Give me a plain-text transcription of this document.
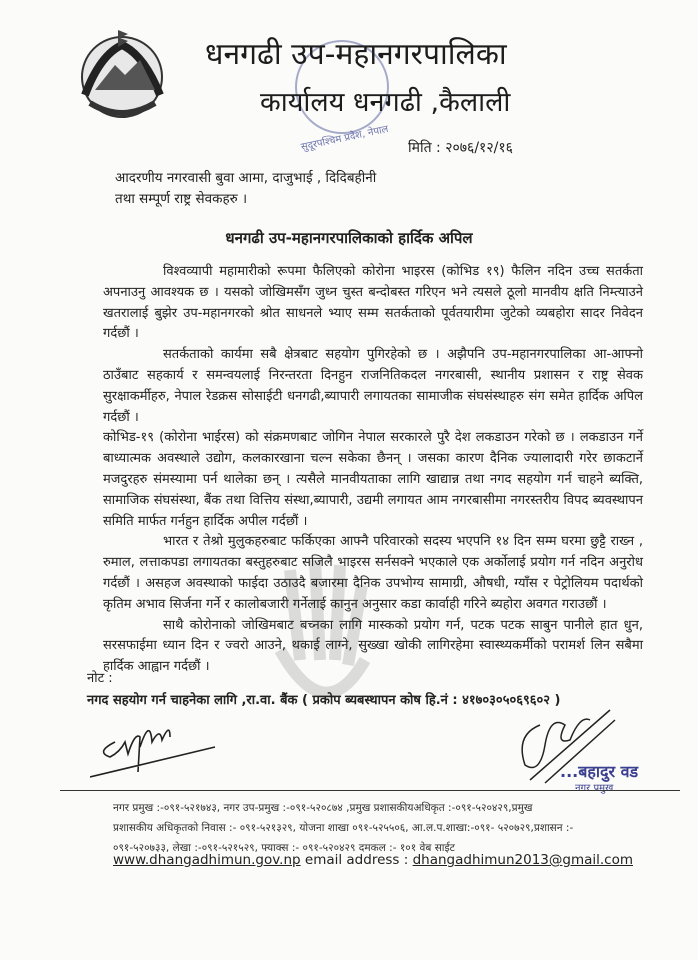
धनगढी उप-महानगरपालिका
कार्यालय धनगढी ,कैलाली
सुदूरपश्चिम प्रदेश, नेपाल मिति : २०७६/१२/१६
आदरणीय नगरवासी बुवा आमा, दाजुभाई , दिदिबहीनी
तथा सम्पूर्ण राष्ट्र सेवकहरु ।
धनगढी उप-महानगरपालिकाको हार्दिक अपिल

विश्वव्यापी महामारीको रूपमा फैलिएको कोरोना भाइरस (कोभिड १९) फैलिन नदिन उच्च सतर्कता अपनाउनु आवश्यक छ । यसको जोखिमसँग जुध्न चुस्त बन्दोबस्त गरिएन भने त्यसले ठूलो मानवीय क्षति निम्त्याउने खतरालाई बुझेर उप-महानगरको श्रोत साधनले भ्याए सम्म सतर्कताको पूर्वतयारीमा जुटेको व्यबहोरा सादर निवेदन गर्दछौं ।

सतर्कताको कार्यमा सबै क्षेत्रबाट सहयोग पुगिरहेको छ । अझैपनि उप-महानगरपालिका आ-आफ्नो ठाउँबाट सहकार्य र समन्वयलाई निरन्तरता दिनहुन राजनितिकदल नगरबासी, स्थानीय प्रशासन र राष्ट्र सेवक सुरक्षाकर्मीहरु, नेपाल रेडक्रस सोसाईटी धनगढी,ब्यापारी लगायतका सामाजीक संघसंस्थाहरु संग समेत हार्दिक अपिल गर्दछौं ।

कोभिड-१९ (कोरोना भाईरस) को संक्रमणबाट जोगिन नेपाल सरकारले पुरै देश लकडाउन गरेको छ । लकडाउन गर्ने बाध्यात्मक अवस्थाले उद्योग, कलकारखाना चल्न सकेका छैनन् । जसका कारण दैनिक ज्यालादारी गरेर छाकटार्ने मजदुरहरु संमस्यामा पर्न थालेका छन् । त्यसैले मानवीयताका लागि खाद्यान्न तथा नगद सहयोग गर्न चाहने ब्यक्ति, सामाजिक संघसंस्था, बैंक तथा वित्तिय संस्था,ब्यापारी, उद्यमी लगायत आम नगरबासीमा नगरस्तरीय विपद ब्यवस्थापन समिति मार्फत गर्नहुन हार्दिक अपील गर्दछौं ।

भारत र तेश्रो मुलुकहरुबाट फर्किएका आफ्नै परिवारको सदस्य भएपनि १४ दिन सम्म घरमा छुट्टै राख्न , रुमाल, लत्ताकपडा लगायतका बस्तुहरुबाट सजिलै भाइरस सर्नसक्ने भएकाले एक अर्कोलाई प्रयोग गर्न नदिन अनुरोध गर्दछौं । असहज अवस्थाको फाईदा उठाउदै बजारमा दैनिक उपभोग्य सामाग्री, औषधी, ग्याँस र पेट्रोलियम पदार्थको कृतिम अभाव सिर्जना गर्ने र कालोबजारी गर्नेलाई कानुन अनुसार कडा कार्वाही गरिने ब्यहोरा अवगत गराउछौं ।

साथै कोरोनाको जोखिमबाट बच्नका लागि मास्कको प्रयोग गर्न, पटक पटक साबुन पानीले हात धुन, सरसफाईमा ध्यान दिन र ज्वरो आउने, थकाई लाग्ने, सुख्खा खोकी लागिरहेमा स्वास्थ्यकर्मीको परामर्श लिन सबैमा हार्दिक आह्वान गर्दछौं ।

नोट :
नगद सहयोग गर्न चाहनेका लागि ,रा.वा. बैंक ( प्रकोप ब्यबस्थापन कोष हि.नं : ४१७०३०५०६९६०२ )
...बहादुर वड
नगर प्रमुख
नगर प्रमुख :-०९१-५२१७४३, नगर उप-प्रमुख :-०९१-५२०८७४ ,प्रमुख प्रशासकीयअधिकृत :-०९१-५२०४२९,प्रमुख
प्रशासकीय अधिकृतको निवास :- ०९१-५२१३२९, योजना शाखा ०९१-५२५५०६, आ.ल.प.शाखा:-०९१- ५२०७२९,प्रशासन :-
०९१-५२०७३३, लेखा :-०९१-५२१५२९, फ्याक्स :- ०९१-५२०४२९ दमकल :- १०१ वेब साईट
www.dhangadhimun.gov.np email address : dhangadhimun2013@gmail.com
